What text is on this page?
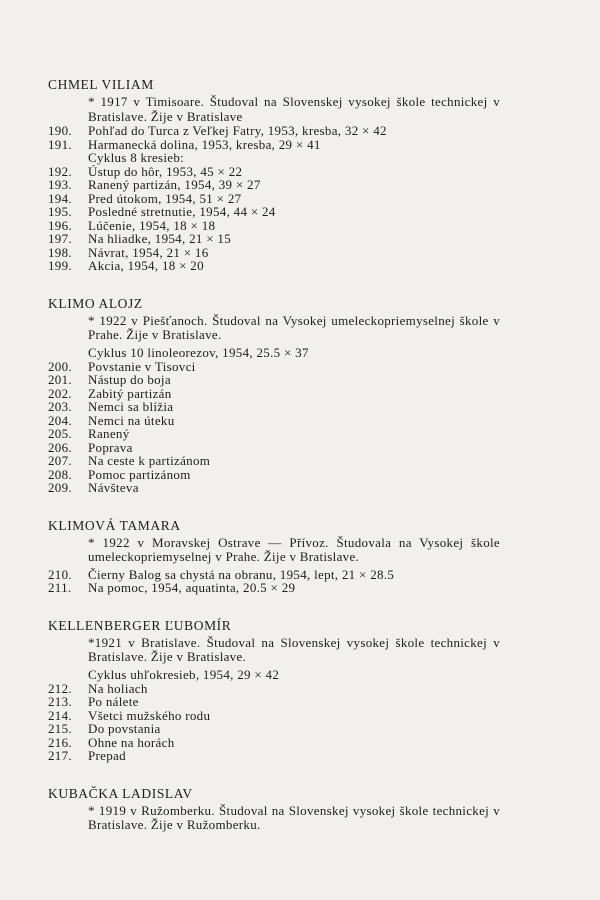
CHMEL VILIAM
* 1917 v Timisoare. Študoval na Slovenskej vysokej škole technickej v Bratislave. Žije v Bratislave
190.	Pohľad do Turca z Veľkej Fatry, 1953, kresba, 32 × 42
191.	Harmanecká dolina, 1953, kresba, 29 × 41
Cyklus 8 kresieb:
192.	Ústup do hôr, 1953, 45 × 22
193.	Ranený partizán, 1954, 39 × 27
194.	Pred útokom, 1954, 51 × 27
195.	Posledné stretnutie, 1954, 44 × 24
196.	Lúčenie, 1954, 18 × 18
197.	Na hliadke, 1954, 21 × 15
198.	Návrat, 1954, 21 × 16
199.	Akcia, 1954, 18 × 20
KLIMO ALOJZ
* 1922 v Piešťanoch. Študoval na Vysokej umeleckopriemyselnej škole v Prahe. Žije v Bratislave.
Cyklus 10 linoleorezov, 1954, 25.5 × 37
200.	Povstanie v Tisovci
201.	Nástup do boja
202.	Zabitý partizán
203.	Nemci sa blížia
204.	Nemci na úteku
205.	Ranený
206.	Poprava
207.	Na ceste k partizánom
208.	Pomoc partizánom
209.	Návšteva
KLIMOVÁ TAMARA
* 1922 v Moravskej Ostrave — Přívoz. Študovala na Vysokej škole umeleckopriemyselnej v Prahe. Žije v Bratislave.
210.	Čierny Balog sa chystá na obranu, 1954, lept, 21 × 28.5
211.	Na pomoc, 1954, aquatinta, 20.5 × 29
KELLENBERGER ĽUBOMÍR
*1921 v Bratislave. Študoval na Slovenskej vysokej škole technickej v Bratislave. Žije v Bratislave.
Cyklus uhľokresieb, 1954, 29 × 42
212.	Na holiach
213.	Po nálete
214.	Všetci mužského rodu
215.	Do povstania
216.	Ohne na horách
217.	Prepad
KUBAČKA LADISLAV
* 1919 v Ružomberku. Študoval na Slovenskej vysokej škole technickej v Bratislave. Žije v Ružomberku.
